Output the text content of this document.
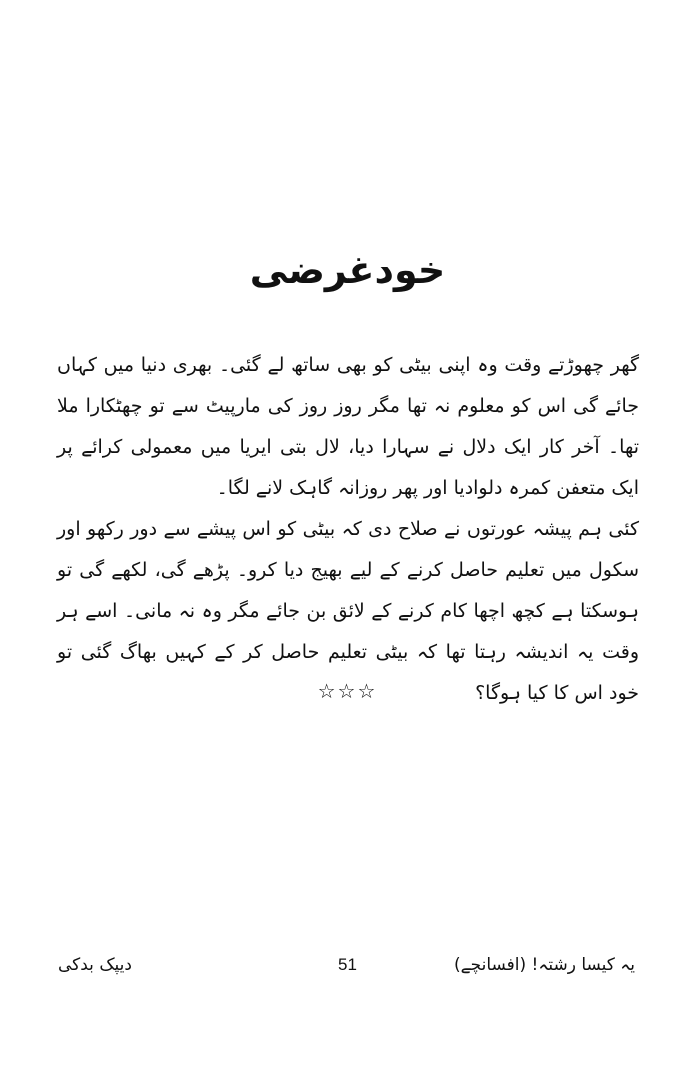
خودغرضی

گھر چھوڑتے وقت وہ اپنی بیٹی کو بھی ساتھ لے گئی۔ بھری دنیا میں کہاں جائے گی اس کو معلوم نہ تھا مگر روز روز کی مارپیٹ سے تو چھٹکارا ملا تھا۔ آخر کار ایک دلال نے سہارا دیا، لال بتی ایریا میں معمولی کرائے پر ایک متعفن کمرہ دلوادیا اور پھر روزانہ گاہک لانے لگا۔

کئی ہم پیشہ عورتوں نے صلاح دی کہ بیٹی کو اس پیشے سے دور رکھو اور سکول میں تعلیم حاصل کرنے کے لیے بھیج دیا کرو۔ پڑھے گی، لکھے گی تو ہوسکتا ہے کچھ اچھا کام کرنے کے لائق بن جائے مگر وہ نہ مانی۔ اسے ہر وقت یہ اندیشہ رہتا تھا کہ بیٹی تعلیم حاصل کر کے کہیں بھاگ گئی تو خود اس کا کیا ہوگا؟

☆☆☆
دیپک بدکی	51	یہ کیسا رشتہ! (افسانچے)
